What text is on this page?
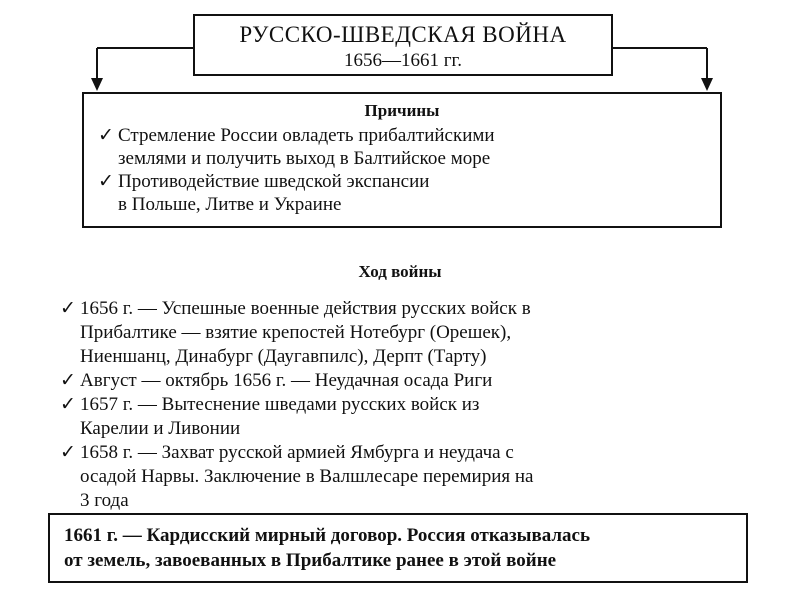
РУССКО-ШВЕДСКАЯ ВОЙНА
1656—1661 гг.
Причины
✓ Стремление России овладеть прибалтийскими
землями и получить выход в Балтийское море
✓ Противодействие шведской экспансии
в Польше, Литве и Украине
Ход войны
✓ 1656 г. — Успешные военные действия русских войск в
Прибалтике — взятие крепостей Нотебург (Орешек),
Ниеншанц, Динабург (Даугавпилс), Дерпт (Тарту)
✓ Август — октябрь 1656 г. — Неудачная осада Риги
✓ 1657 г. — Вытеснение шведами русских войск из
Карелии и Ливонии
✓ 1658 г. — Захват русской армией Ямбурга и неудача с
осадой Нарвы. Заключение в Валшлесаре перемирия на
3 года
1661 г. — Кардисский мирный договор. Россия отказывалась
от земель, завоеванных в Прибалтике ранее в этой войне
